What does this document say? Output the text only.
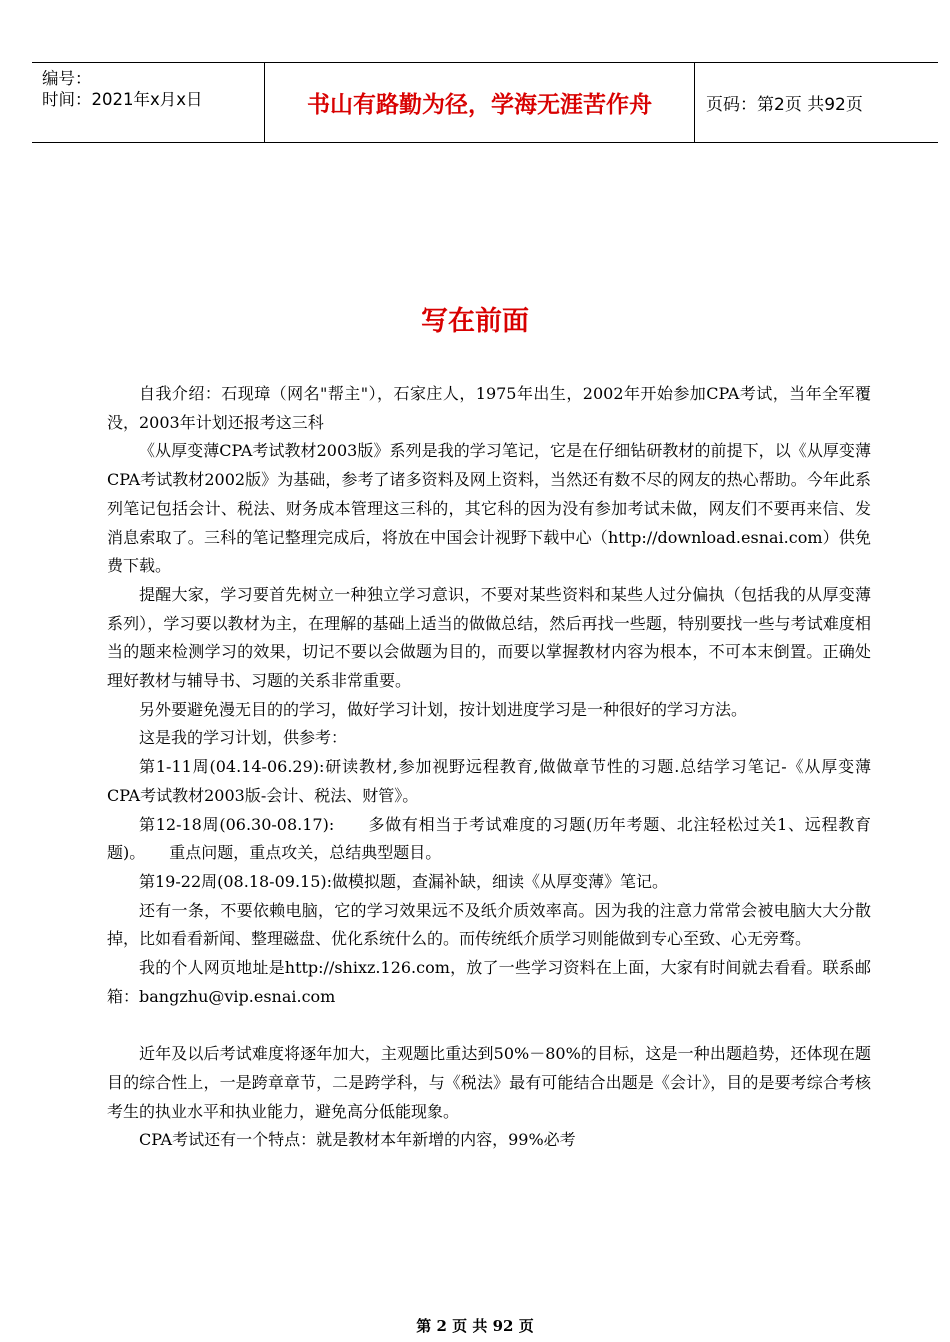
编号：
时间：2021年x月x日	书山有路勤为径，学海无涯苦作舟	页码：第2页 共92页
写在前面

自我介绍：石现璋（网名"帮主"），石家庄人，1975年出生，2002年开始参加CPA考试，当年全军覆没，2003年计划还报考这三科

《从厚变薄CPA考试教材2003版》系列是我的学习笔记，它是在仔细钻研教材的前提下，以《从厚变薄CPA考试教材2002版》为基础，参考了诸多资料及网上资料，当然还有数不尽的网友的热心帮助。今年此系列笔记包括会计、税法、财务成本管理这三科的，其它科的因为没有参加考试未做，网友们不要再来信、发消息索取了。三科的笔记整理完成后，将放在中国会计视野下载中心（http://download.esnai.com）供免费下载。

提醒大家，学习要首先树立一种独立学习意识，不要对某些资料和某些人过分偏执（包括我的从厚变薄系列），学习要以教材为主，在理解的基础上适当的做做总结，然后再找一些题，特别要找一些与考试难度相当的题来检测学习的效果，切记不要以会做题为目的，而要以掌握教材内容为根本，不可本末倒置。正确处理好教材与辅导书、习题的关系非常重要。

另外要避免漫无目的的学习，做好学习计划，按计划进度学习是一种很好的学习方法。

这是我的学习计划，供参考：

第1-11周(04.14-06.29):研读教材,参加视野远程教育,做做章节性的习题.总结学习笔记-《从厚变薄CPA考试教材2003版-会计、税法、财管》。

第12-18周(06.30-08.17):　　多做有相当于考试难度的习题(历年考题、北注轻松过关1、远程教育题)。　　重点问题，重点攻关，总结典型题目。

第19-22周(08.18-09.15):做模拟题，查漏补缺，细读《从厚变薄》笔记。

还有一条，不要依赖电脑，它的学习效果远不及纸介质效率高。因为我的注意力常常会被电脑大大分散掉，比如看看新闻、整理磁盘、优化系统什么的。而传统纸介质学习则能做到专心至致、心无旁骛。

我的个人网页地址是http://shixz.126.com，放了一些学习资料在上面，大家有时间就去看看。联系邮箱：bangzhu@vip.esnai.com

近年及以后考试难度将逐年加大，主观题比重达到50%－80%的目标，这是一种出题趋势，还体现在题目的综合性上，一是跨章章节，二是跨学科，与《税法》最有可能结合出题是《会计》，目的是要考综合考核考生的执业水平和执业能力，避免高分低能现象。

CPA考试还有一个特点：就是教材本年新增的内容，99%必考

第 2 页 共 92 页
